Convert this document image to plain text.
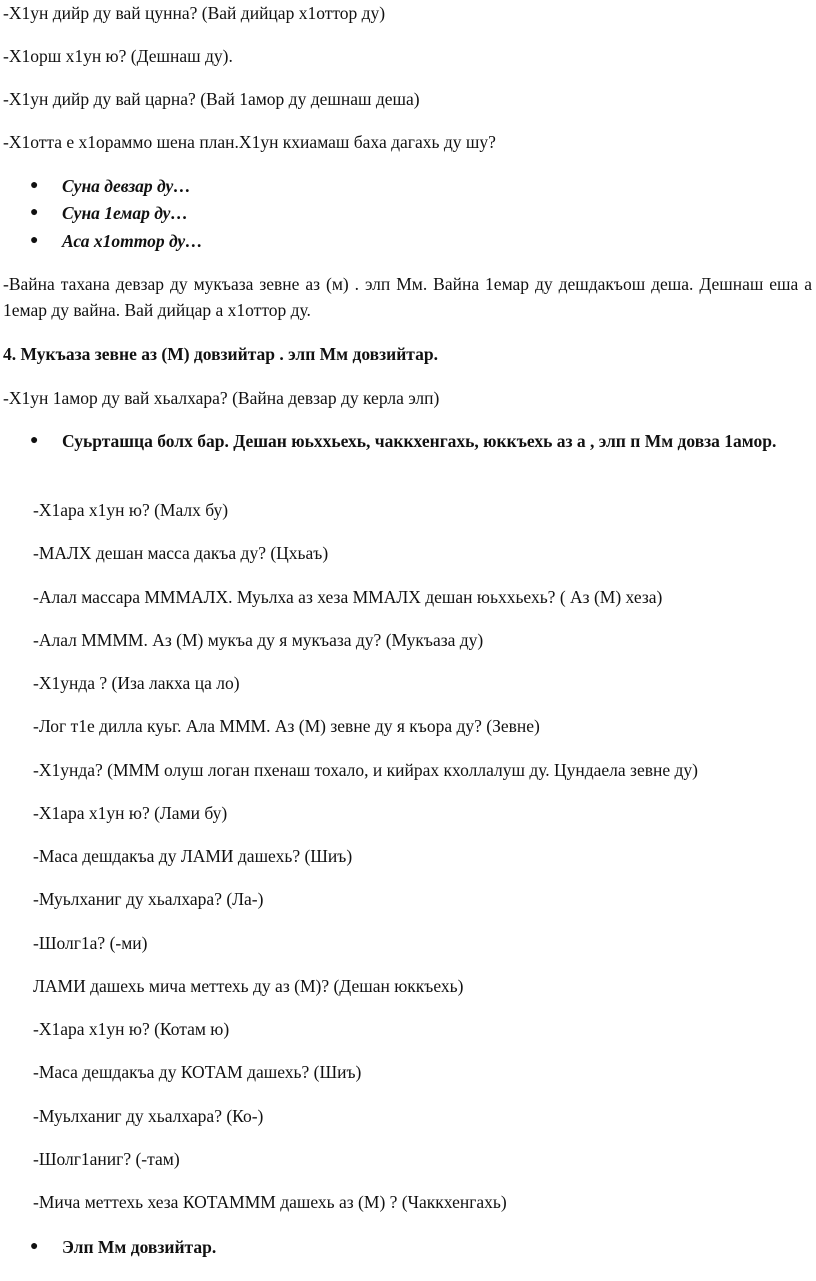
-Х1ун дийр ду вай цунна? (Вай дийцар х1оттор ду)

-Х1орш х1ун ю? (Дешнаш ду).

-Х1ун дийр ду вай царна? (Вай 1амор ду дешнаш деша)

-Х1отта е х1ораммо шена план.Х1ун кхиамаш баха дагахь ду шу?

● Суна девзар ду…
● Суна 1емар ду…
● Аса х1оттор ду…

-Вайна тахана девзар ду мукъаза зевне аз (м) . элп Мм. Вайна 1емар ду дешдакъош деша. Дешнаш еша а 1емар ду вайна. Вай дийцар а х1оттор ду.

4. Мукъаза зевне аз (М) довзийтар . элп Мм довзийтар.

-Х1ун 1амор ду вай хьалхара? (Вайна девзар ду керла элп)

● Суьрташца болх бар. Дешан юьххьехь, чаккхенгахь, юккъехь аз а , элп п Мм довза 1амор.

-Х1ара х1ун ю? (Малх бу)

-МАЛХ дешан масса дакъа ду? (Цхьаъ)

-Алал массара МММАЛХ. Муьлха аз хеза ММАЛХ дешан юьххьехь? ( Аз (М) хеза)

-Алал ММММ. Аз (М) мукъа ду я мукъаза ду? (Мукъаза ду)

-Х1унда ? (Иза лакха ца ло)

-Лог т1е дилла куьг. Ала МММ. Аз (М) зевне ду я къора ду? (Зевне)

-Х1унда? (МММ олуш логан пхенаш тохало, и кийрах кхоллалуш ду. Цундаела зевне ду)

-Х1ара х1ун ю? (Лами бу)

-Маса дешдакъа ду ЛАМИ дашехь? (Шиъ)

-Муьлханиг ду хьалхара? (Ла-)

-Шолг1а? (-ми)

ЛАМИ дашехь мича меттехь ду аз (М)? (Дешан юккъехь)

-Х1ара х1ун ю? (Котам ю)

-Маса дешдакъа ду КОТАМ дашехь? (Шиъ)

-Муьлханиг ду хьалхара? (Ко-)

-Шолг1аниг? (-там)

-Мича меттехь хеза КОТАМММ дашехь аз (М) ? (Чаккхенгахь)

● Элп Мм довзийтар.
